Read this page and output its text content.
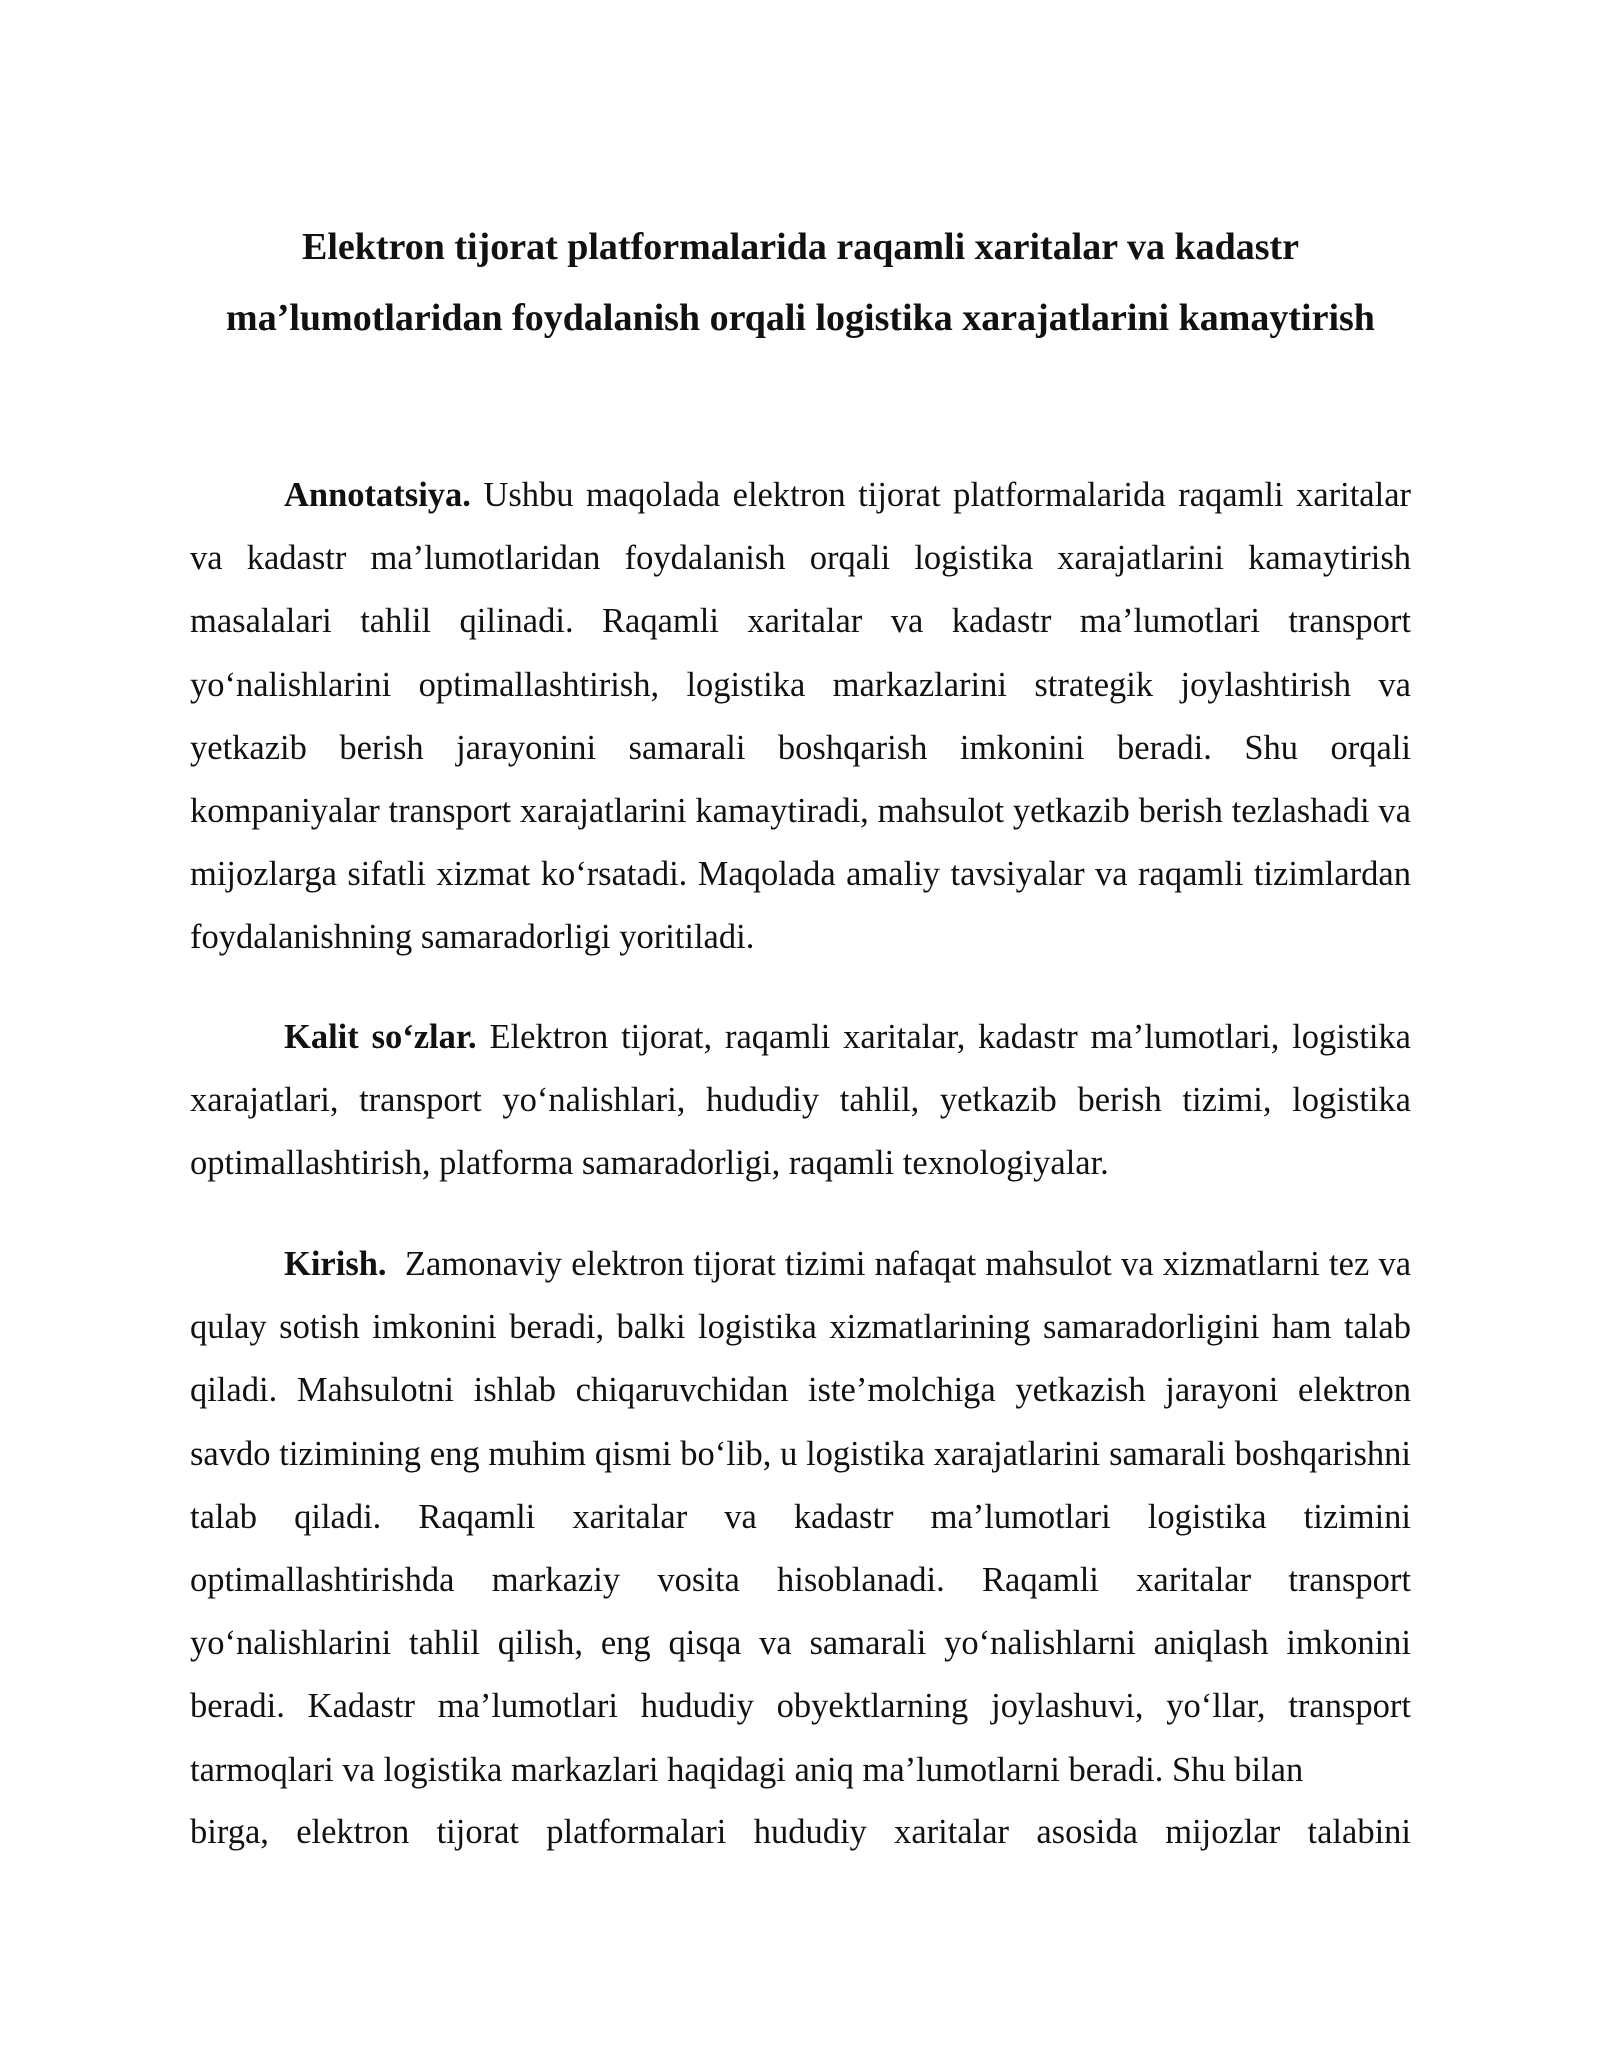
Elektron tijorat platformalarida raqamli xaritalar va kadastr ma’lumotlaridan foydalanish orqali logistika xarajatlarini kamaytirish

Annotatsiya. Ushbu maqolada elektron tijorat platformalarida raqamli xaritalar va kadastr ma’lumotlaridan foydalanish orqali logistika xarajatlarini kamaytirish masalalari tahlil qilinadi. Raqamli xaritalar va kadastr ma’lumotlari transport yo‘nalishlarini optimallashtirish, logistika markazlarini strategik joylashtirish va yetkazib berish jarayonini samarali boshqarish imkonini beradi. Shu orqali kompaniyalar transport xarajatlarini kamaytiradi, mahsulot yetkazib berish tezlashadi va mijozlarga sifatli xizmat ko‘rsatadi. Maqolada amaliy tavsiyalar va raqamli tizimlardan foydalanishning samaradorligi yoritiladi.

Kalit so‘zlar. Elektron tijorat, raqamli xaritalar, kadastr ma’lumotlari, logistika xarajatlari, transport yo‘nalishlari, hududiy tahlil, yetkazib berish tizimi, logistika optimallashtirish, platforma samaradorligi, raqamli texnologiyalar.

Kirish. Zamonaviy elektron tijorat tizimi nafaqat mahsulot va xizmatlarni tez va qulay sotish imkonini beradi, balki logistika xizmatlarining samaradorligini ham talab qiladi. Mahsulotni ishlab chiqaruvchidan iste’molchiga yetkazish jarayoni elektron savdo tizimining eng muhim qismi bo‘lib, u logistika xarajatlarini samarali boshqarishni talab qiladi. Raqamli xaritalar va kadastr ma’lumotlari logistika tizimini optimallashtirishda markaziy vosita hisoblanadi. Raqamli xaritalar transport yo‘nalishlarini tahlil qilish, eng qisqa va samarali yo‘nalishlarni aniqlash imkonini beradi. Kadastr ma’lumotlari hududiy obyektlarning joylashuvi, yo‘llar, transport tarmoqlari va logistika markazlari haqidagi aniq ma’lumotlarni beradi. Shu bilan

birga, elektron tijorat platformalari hududiy xaritalar asosida mijozlar talabini
